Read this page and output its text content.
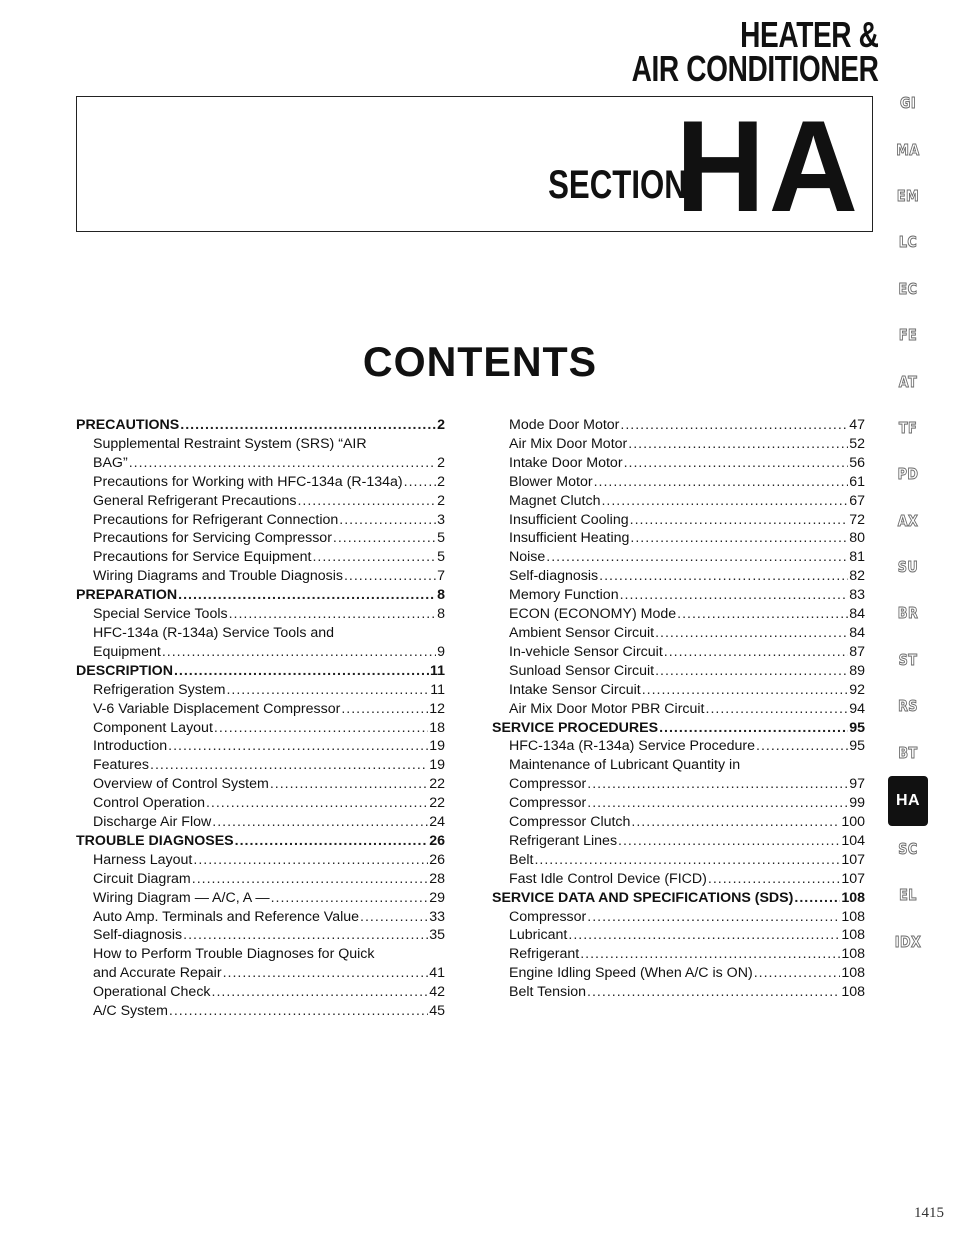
HEATER &
AIR CONDITIONER
SECTION
HA
CONTENTS
PRECAUTIONS .....	2
Supplemental Restraint System (SRS) “AIR
BAG” .....	2
Precautions for Working with HFC-134a (R-134a) ..... 2
General Refrigerant Precautions .....	2
Precautions for Refrigerant Connection .....	3
Precautions for Servicing Compressor .....	5
Precautions for Service Equipment .....	5
Wiring Diagrams and Trouble Diagnosis .....	7
PREPARATION .....	8
Special Service Tools .....	8
HFC-134a (R-134a) Service Tools and
Equipment .....	9
DESCRIPTION .....	11
Refrigeration System .....	11
V-6 Variable Displacement Compressor .....	12
Component Layout .....	18
Introduction .....	19
Features .....	19
Overview of Control System .....	22
Control Operation .....	22
Discharge Air Flow .....	24
TROUBLE DIAGNOSES .....	26
Harness Layout .....	26
Circuit Diagram .....	28
Wiring Diagram — A/C, A — .....	29
Auto Amp. Terminals and Reference Value .....	33
Self-diagnosis .....	35
How to Perform Trouble Diagnoses for Quick
and Accurate Repair .....	41
Operational Check .....	42
A/C System .....	45
Mode Door Motor .....	47
Air Mix Door Motor .....	52
Intake Door Motor .....	56
Blower Motor .....	61
Magnet Clutch .....	67
Insufficient Cooling .....	72
Insufficient Heating .....	80
Noise .....	81
Self-diagnosis .....	82
Memory Function .....	83
ECON (ECONOMY) Mode .....	84
Ambient Sensor Circuit .....	84
In-vehicle Sensor Circuit .....	87
Sunload Sensor Circuit .....	89
Intake Sensor Circuit .....	92
Air Mix Door Motor PBR Circuit .....	94
SERVICE PROCEDURES .....	95
HFC-134a (R-134a) Service Procedure .....	95
Maintenance of Lubricant Quantity in
Compressor .....	97
Compressor .....	99
Compressor Clutch .....	100
Refrigerant Lines .....	104
Belt .....	107
Fast Idle Control Device (FICD) .....	107
SERVICE DATA AND SPECIFICATIONS (SDS) .....	108
Compressor .....	108
Lubricant .....	108
Refrigerant .....	108
Engine Idling Speed (When A/C is ON) .....	108
Belt Tension .....	108
GI
MA
EM
LC
EC
FE
AT
TF
PD
AX
SU
BR
ST
RS
BT
HA
SC
EL
IDX
1415
